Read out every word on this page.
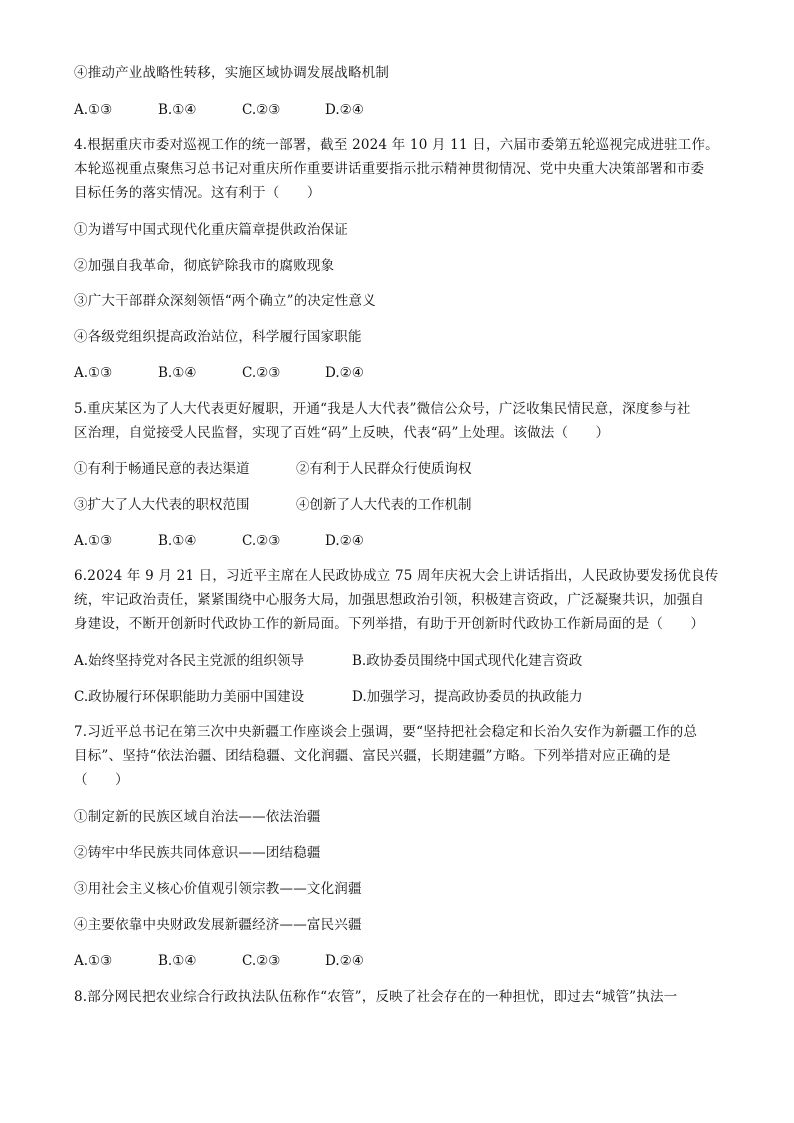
④推动产业战略性转移，实施区域协调发展战略机制
A.①③	B.①④	C.②③	D.②④
4.根据重庆市委对巡视工作的统一部署，截至 2024 年 10 月 11 日，六届市委第五轮巡视完成进驻工作。
本轮巡视重点聚焦习总书记对重庆所作重要讲话重要指示批示精神贯彻情况、党中央重大决策部署和市委
目标任务的落实情况。这有利于（　　）
①为谱写中国式现代化重庆篇章提供政治保证
②加强自我革命，彻底铲除我市的腐败现象
③广大干部群众深刻领悟“两个确立”的决定性意义
④各级党组织提高政治站位，科学履行国家职能
A.①③	B.①④	C.②③	D.②④
5.重庆某区为了人大代表更好履职，开通“我是人大代表”微信公众号，广泛收集民情民意，深度参与社
区治理，自觉接受人民监督，实现了百姓“码”上反映，代表“码”上处理。该做法（　　）
①有利于畅通民意的表达渠道	②有利于人民群众行使质询权
③扩大了人大代表的职权范围	④创新了人大代表的工作机制
A.①③	B.①④	C.②③	D.②④
6.2024 年 9 月 21 日，习近平主席在人民政协成立 75 周年庆祝大会上讲话指出，人民政协要发扬优良传
统，牢记政治责任，紧紧围绕中心服务大局，加强思想政治引领，积极建言资政，广泛凝聚共识，加强自
身建设，不断开创新时代政协工作的新局面。下列举措，有助于开创新时代政协工作新局面的是（　　）
A.始终坚持党对各民主党派的组织领导	B.政协委员围绕中国式现代化建言资政
C.政协履行环保职能助力美丽中国建设	D.加强学习，提高政协委员的执政能力
7.习近平总书记在第三次中央新疆工作座谈会上强调，要“坚持把社会稳定和长治久安作为新疆工作的总
目标”、坚持“依法治疆、团结稳疆、文化润疆、富民兴疆，长期建疆”方略。下列举措对应正确的是
（　　）
①制定新的民族区域自治法——依法治疆
②铸牢中华民族共同体意识——团结稳疆
③用社会主义核心价值观引领宗教——文化润疆
④主要依靠中央财政发展新疆经济——富民兴疆
A.①③	B.①④	C.②③	D.②④
8.部分网民把农业综合行政执法队伍称作“农管”，反映了社会存在的一种担忧，即过去“城管”执法一
